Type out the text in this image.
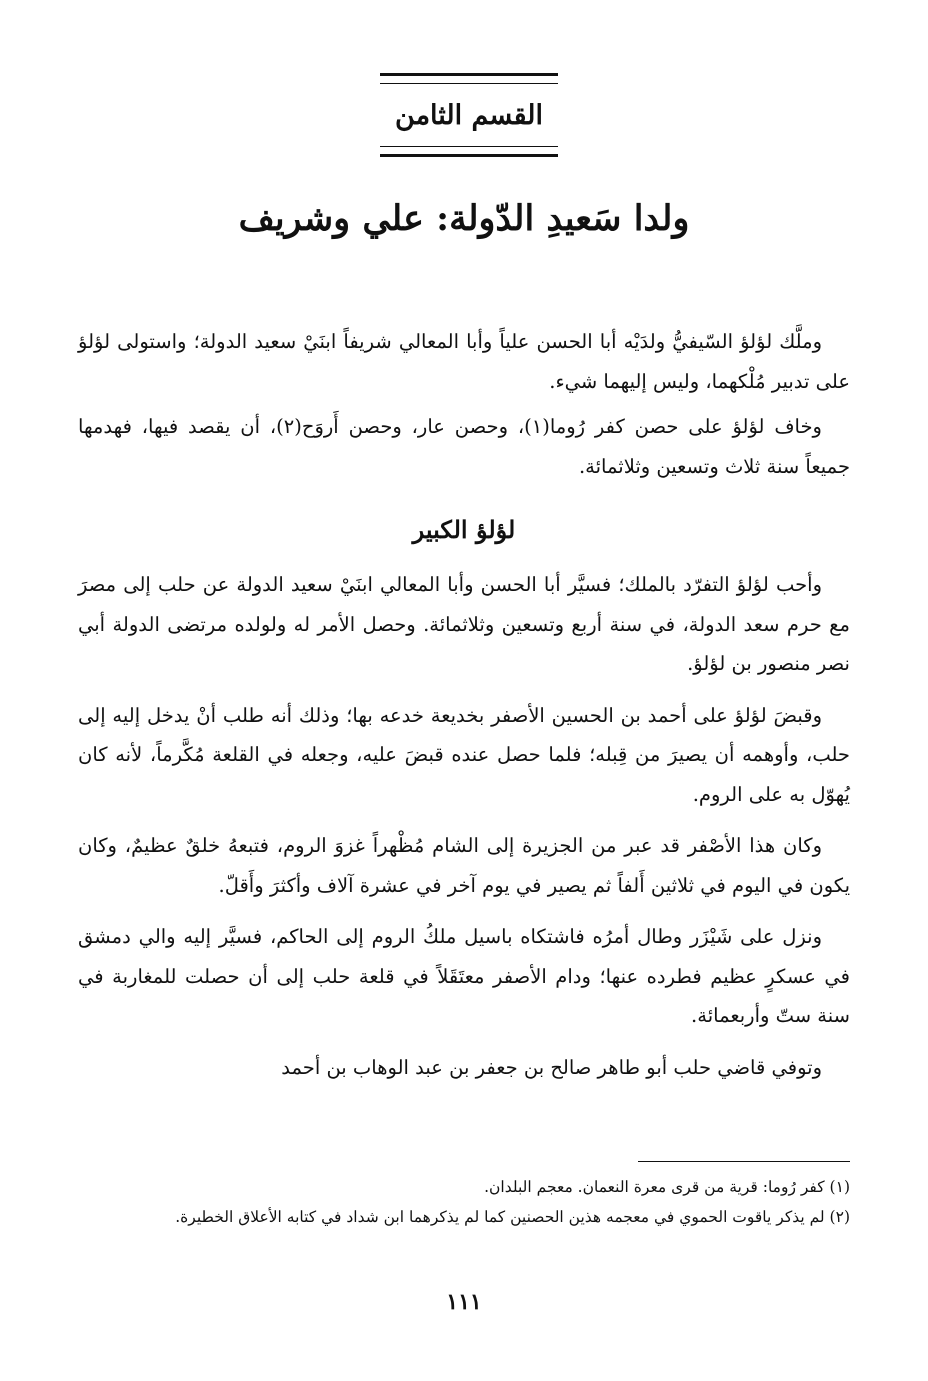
القسم الثامن
ولدا سَعيدِ الدّولة: علي وشريف

وملَّك لؤلؤ السّيفيُّ ولدَيْه أبا الحسن علياً وأبا المعالي شريفاً ابنَيْ سعيد الدولة؛ واستولى لؤلؤ على تدبير مُلْكهما، وليس إليهما شيء.

وخاف لؤلؤ على حصن كفر رُوما(١)، وحصن عار، وحصن أَروَح(٢)، أن يقصد فيها، فهدمها جميعاً سنة ثلاث وتسعين وثلاثمائة.

لؤلؤ الكبير

وأحب لؤلؤ التفرّد بالملك؛ فسيَّر أبا الحسن وأبا المعالي ابنَيْ سعيد الدولة عن حلب إلى مصرَ مع حرم سعد الدولة، في سنة أربع وتسعين وثلاثمائة. وحصل الأمر له ولولده مرتضى الدولة أبي نصر منصور بن لؤلؤ.

وقبضَ لؤلؤ على أحمد بن الحسين الأصفر بخديعة خدعه بها؛ وذلك أنه طلب أنْ يدخل إليه إلى حلب، وأوهمه أن يصيرَ من قِبله؛ فلما حصل عنده قبضَ عليه، وجعله في القلعة مُكَّرماً، لأنه كان يُهوّل به على الروم.

وكان هذا الأصْفر قد عبر من الجزيرة إلى الشام مُظْهراً غزوَ الروم، فتبعهُ خلقٌ عظيمٌ، وكان يكون في اليوم في ثلاثين أَلفاً ثم يصير في يوم آخر في عشرة آلاف وأكثرَ وأَقلّ.

ونزل على شَيْزَر وطال أمرُه فاشتكاه باسيل ملكُ الروم إلى الحاكم، فسيَّر إليه والي دمشق في عسكرٍ عظيم فطرده عنها؛ ودام الأصفر معتَقَلاً في قلعة حلب إلى أن حصلت للمغاربة في سنة ستّ وأربعمائة.

وتوفي قاضي حلب أبو طاهر صالح بن جعفر بن عبد الوهاب بن أحمد

(١) كفر رُوما: قرية من قرى معرة النعمان. معجم البلدان.

(٢) لم يذكر ياقوت الحموي في معجمه هذين الحصنين كما لم يذكرهما ابن شداد في كتابه الأعلاق الخطيرة.

١١١
